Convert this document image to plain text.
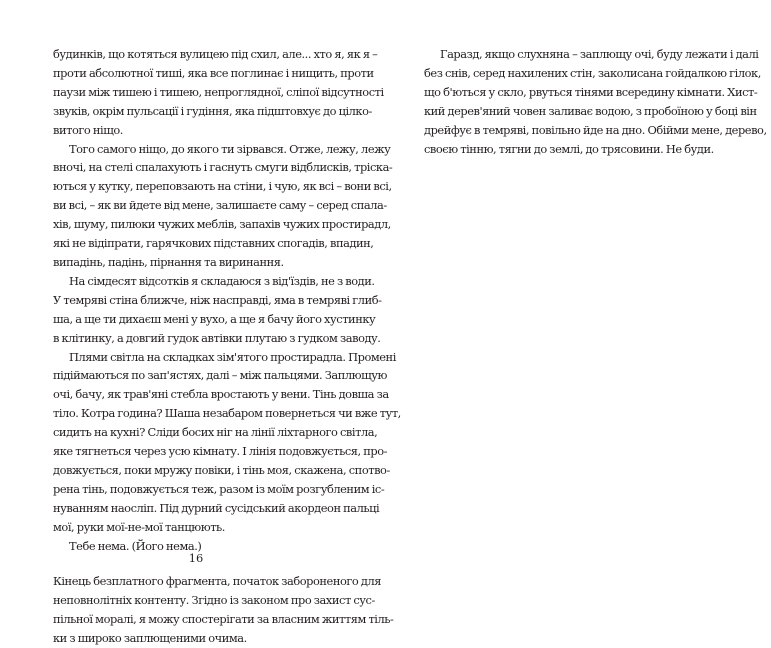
будинків, що котяться вулицею під схил, але... хто я, як я –
проти абсолютної тиші, яка все поглинає і нищить, проти
паузи між тишею і тишею, непроглядної, сліпої відсутності
звуків, окрім пульсації і гудіння, яка підштовхує до цілко-
витого ніщо.
Того самого ніщо, до якого ти зірвався. Отже, лежу, лежу
вночі, на стелі спалахують і гаснуть смуги відблисків, тріска-
ються у кутку, переповзають на стіни, і чую, як всі – вони всі,
ви всі, – як ви йдете від мене, залишаєте саму – серед спала-
хів, шуму, пилюки чужих меблів, запахів чужих простирадл,
які не відіпрати, гарячкових підставних спогадів, впадин,
випадінь, падінь, пірнання та виринання.
На сімдесят відсотків я складаюся з від'їздів, не з води.
У темряві стіна ближче, ніж насправді, яма в темряві глиб-
ша, а ще ти дихаєш мені у вухо, а ще я бачу його хустинку
в клітинку, а довгий гудок автівки плутаю з гудком заводу.
Плями світла на складках зім'ятого простирадла. Промені
підіймаються по зап'ястях, далі – між пальцями. Заплющую
очі, бачу, як трав'яні стебла вростають у вени. Тінь довша за
тіло. Котра година? Шаша незабаром повернеться чи вже тут,
сидить на кухні? Сліди босих ніг на лінії ліхтарного світла,
яке тягнеться через усю кімнату. І лінія подовжується, про-
довжується, поки мружу повіки, і тінь моя, скажена, спотво-
рена тінь, подовжується теж, разом із моїм розгубленим іс-
нуванням наосліп. Під дурний сусідський акордеон пальці
мої, руки мої-не-мої танцюють.
Тебе нема. (Його нема.)
Кінець безплатного фрагмента, початок забороненого для
неповнолітніх контенту. Згідно із законом про захист сус-
пільної моралі, я можу спостерігати за власним життям тіль-
ки з широко заплющеними очима.
Гаразд, якщо слухняна – заплющу очі, буду лежати і далі
без снів, серед нахилених стін, заколисана гойдалкою гілок,
що б'ються у скло, рвуться тінями всередину кімнати. Хист-
кий дерев'яний човен заливає водою, з пробоїною у боці він
дрейфує в темряві, повільно йде на дно. Обійми мене, дерево,
своєю тінню, тягни до землі, до трясовини. Не буди.
16
